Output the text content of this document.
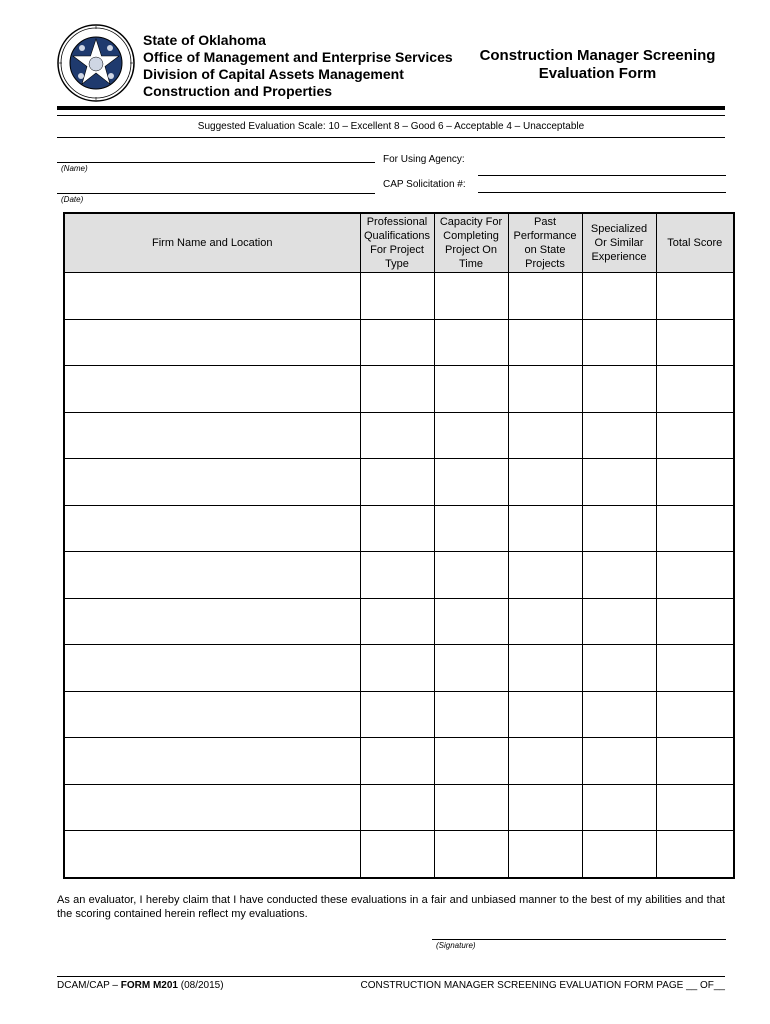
State of Oklahoma
Office of Management and Enterprise Services
Division of Capital Assets Management
Construction and Properties
Construction Manager Screening
Evaluation Form
Suggested Evaluation Scale: 10 – Excellent 8 – Good 6 – Acceptable 4 – Unacceptable
(Name)
(Date)
For Using Agency:
CAP Solicitation #:
Firm Name and Location	Professional Qualifications For Project Type	Capacity For Completing Project On Time	Past Performance on State Projects	Specialized Or Similar Experience	Total Score

As an evaluator, I hereby claim that I have conducted these evaluations in a fair and unbiased manner to the best of my abilities and that the scoring contained herein reflect my evaluations.
(Signature)
DCAM/CAP – FORM M201 (08/2015)	CONSTRUCTION MANAGER SCREENING EVALUATION FORM PAGE __ OF__
